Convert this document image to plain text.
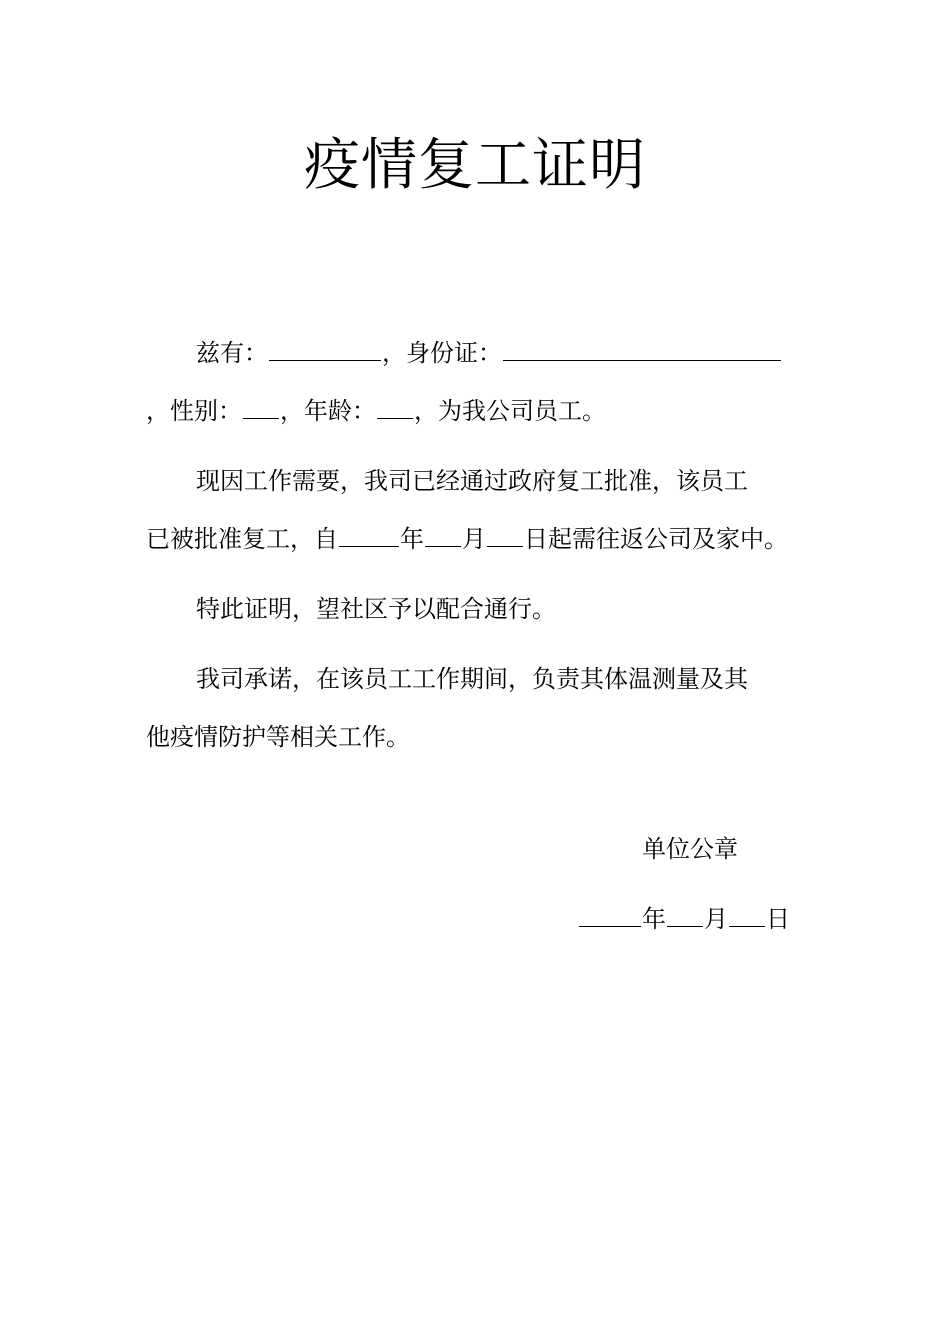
疫情复工证明
兹有：	，身份证：
，性别： ，年龄： ，为我公司员工。
现因工作需要，我司已经通过政府复工批准，该员工
已被批准复工，自	年 月 日起需往返公司及家中。
特此证明，望社区予以配合通行。
我司承诺，在该员工工作期间，负责其体温测量及其
他疫情防护等相关工作。
单位公章
年 月 日
